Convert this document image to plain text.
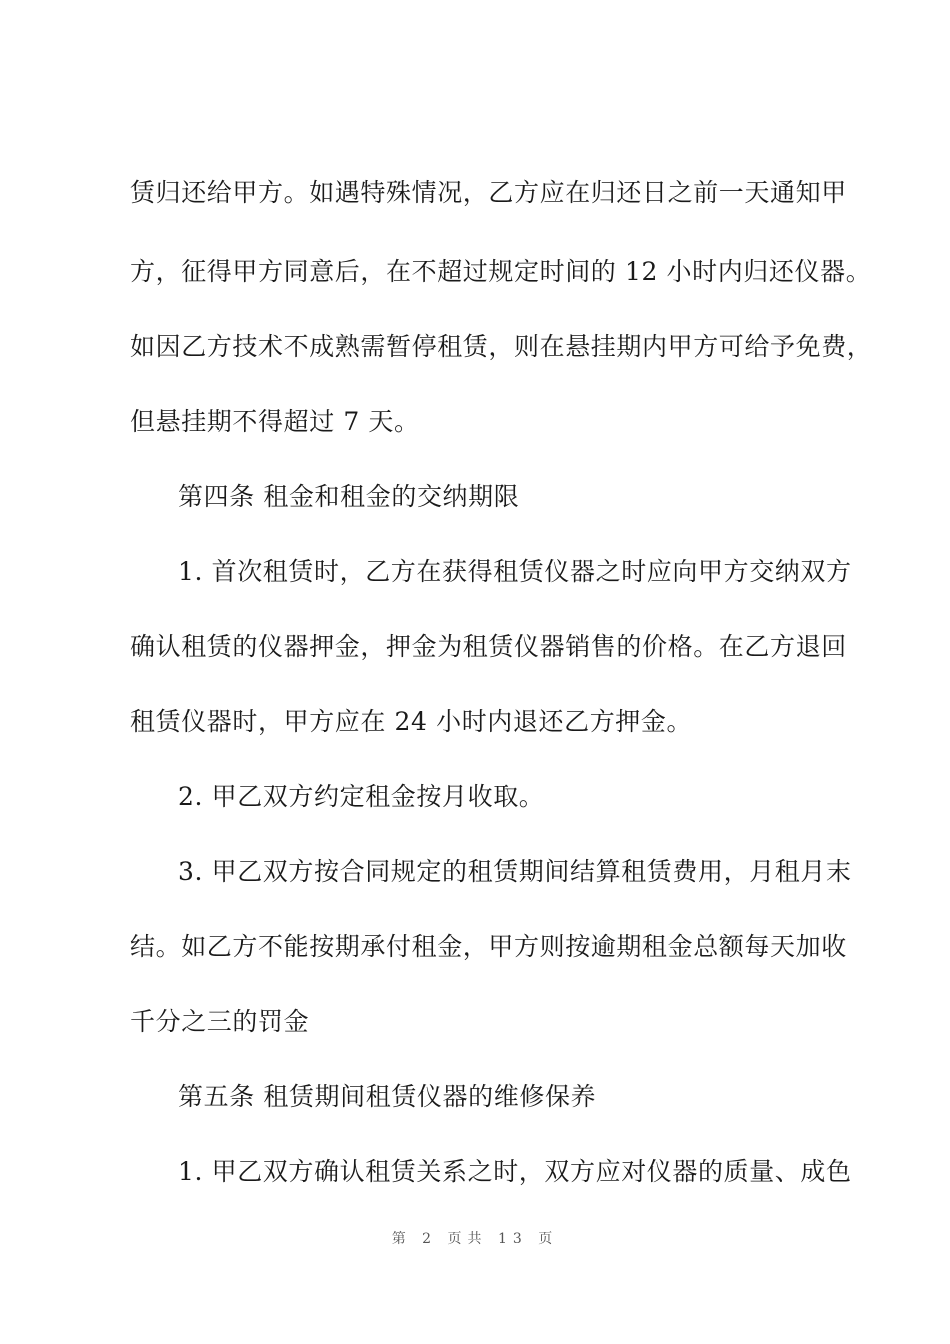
赁归还给甲方。如遇特殊情况，乙方应在归还日之前一天通知甲
方，征得甲方同意后，在不超过规定时间的 12 小时内归还仪器。
如因乙方技术不成熟需暂停租赁，则在悬挂期内甲方可给予免费，
但悬挂期不得超过 7 天。
第四条 租金和租金的交纳期限
1. 首次租赁时，乙方在获得租赁仪器之时应向甲方交纳双方
确认租赁的仪器押金，押金为租赁仪器销售的价格。在乙方退回
租赁仪器时，甲方应在 24 小时内退还乙方押金。
2. 甲乙双方约定租金按月收取。
3. 甲乙双方按合同规定的租赁期间结算租赁费用，月租月末
结。如乙方不能按期承付租金，甲方则按逾期租金总额每天加收
千分之三的罚金
第五条 租赁期间租赁仪器的维修保养
1. 甲乙双方确认租赁关系之时，双方应对仪器的质量、成色
第 2 页共 13 页
